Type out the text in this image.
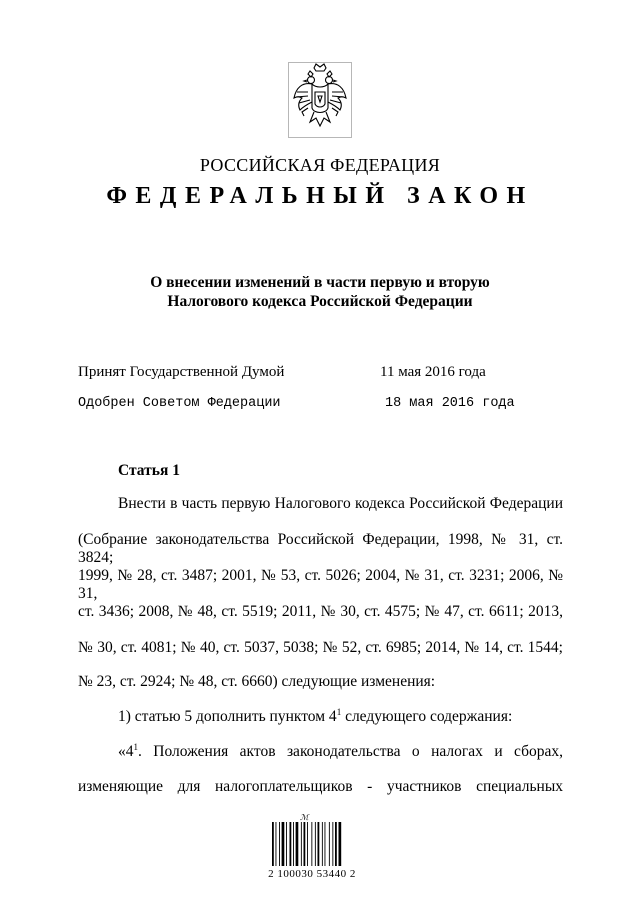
РОССИЙСКАЯ ФЕДЕРАЦИЯ
ФЕДЕРАЛЬНЫЙ ЗАКОН
О внесении изменений в части первую и вторую
Налогового кодекса Российской Федерации
Принят Государственной Думой	11 мая 2016 года
Одобрен Советом Федерации	18 мая 2016 года
Статья 1
Внести в часть первую Налогового кодекса Российской Федерации
(Собрание законодательства Российской Федерации, 1998, № 31, ст. 3824;
1999, № 28, ст. 3487; 2001, № 53, ст. 5026; 2004, № 31, ст. 3231; 2006, № 31,
ст. 3436; 2008, № 48, ст. 5519; 2011, № 30, ст. 4575; № 47, ст. 6611; 2013,
№ 30, ст. 4081; № 40, ст. 5037, 5038; № 52, ст. 6985; 2014, № 14, ст. 1544;
№ 23, ст. 2924; № 48, ст. 6660) следующие изменения:
1) статью 5 дополнить пунктом $4^1$ следующего содержания:
«$4^1$ . Положения актов законодательства о налогах и сборах,
изменяющие для налогоплательщиков - участников специальных
ℳ
2 100030 53440 2
